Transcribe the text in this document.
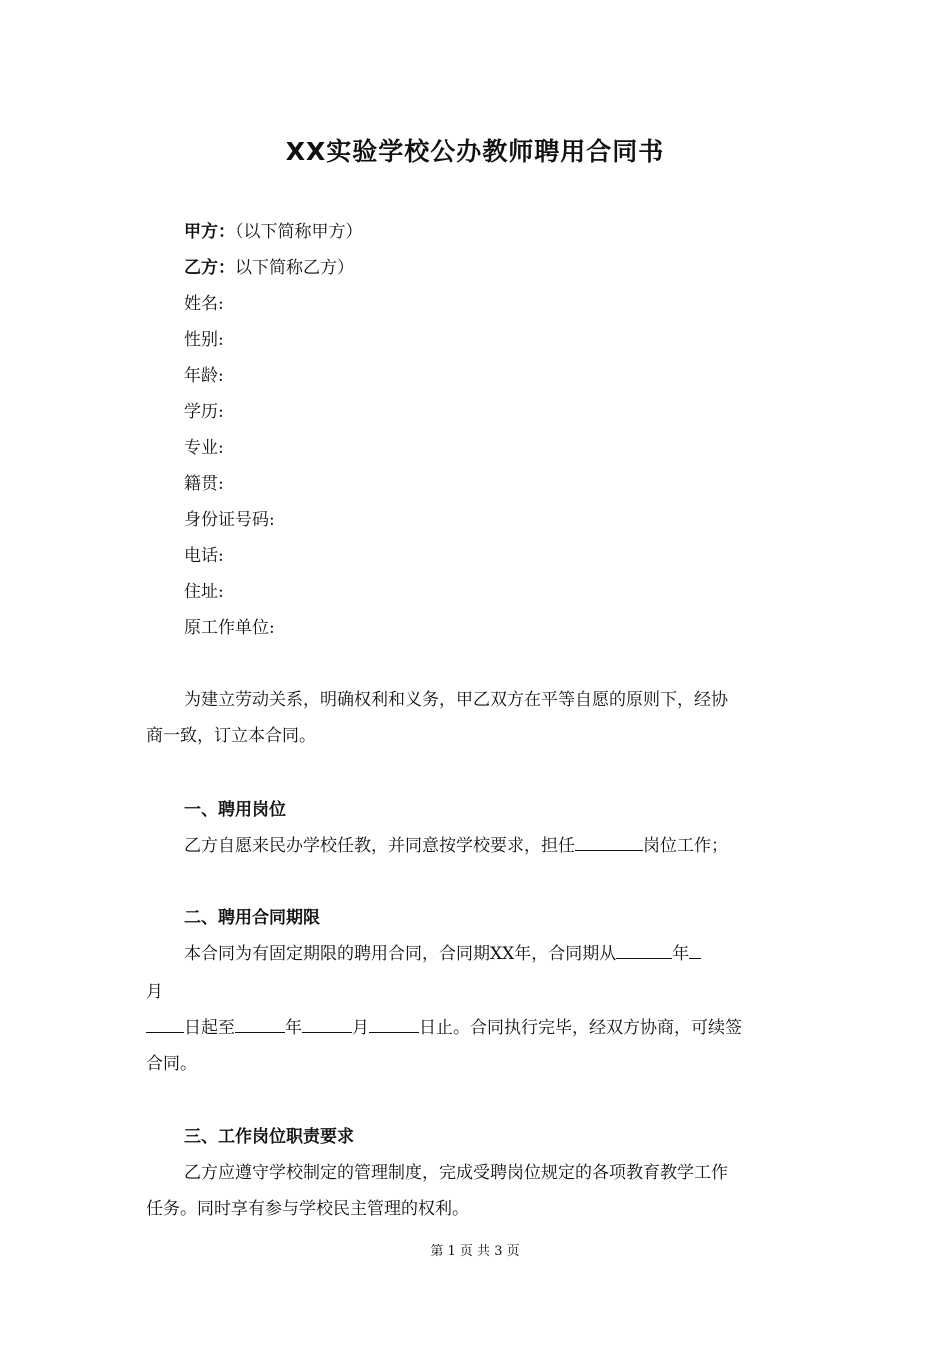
XX实验学校公办教师聘用合同书
甲方：（以下简称甲方）
乙方：以下简称乙方）
姓名:
性别:
年龄:
学历:
专业:
籍贯:
身份证号码:
电话:
住址:
原工作单位:
为建立劳动关系，明确权利和义务，甲乙双方在平等自愿的原则下，经协
商一致，订立本合同。
一、聘用岗位
乙方自愿来民办学校任教，并同意按学校要求，担任	岗位工作；
二、聘用合同期限
本合同为有固定期限的聘用合同，合同期XX年，合同期从	年
月
日起至	年	月	日止。合同执行完毕，经双方协商，可续签
合同。
三、工作岗位职责要求
乙方应遵守学校制定的管理制度，完成受聘岗位规定的各项教育教学工作
任务。同时享有参与学校民主管理的权利。
第 1 页 共 3 页
